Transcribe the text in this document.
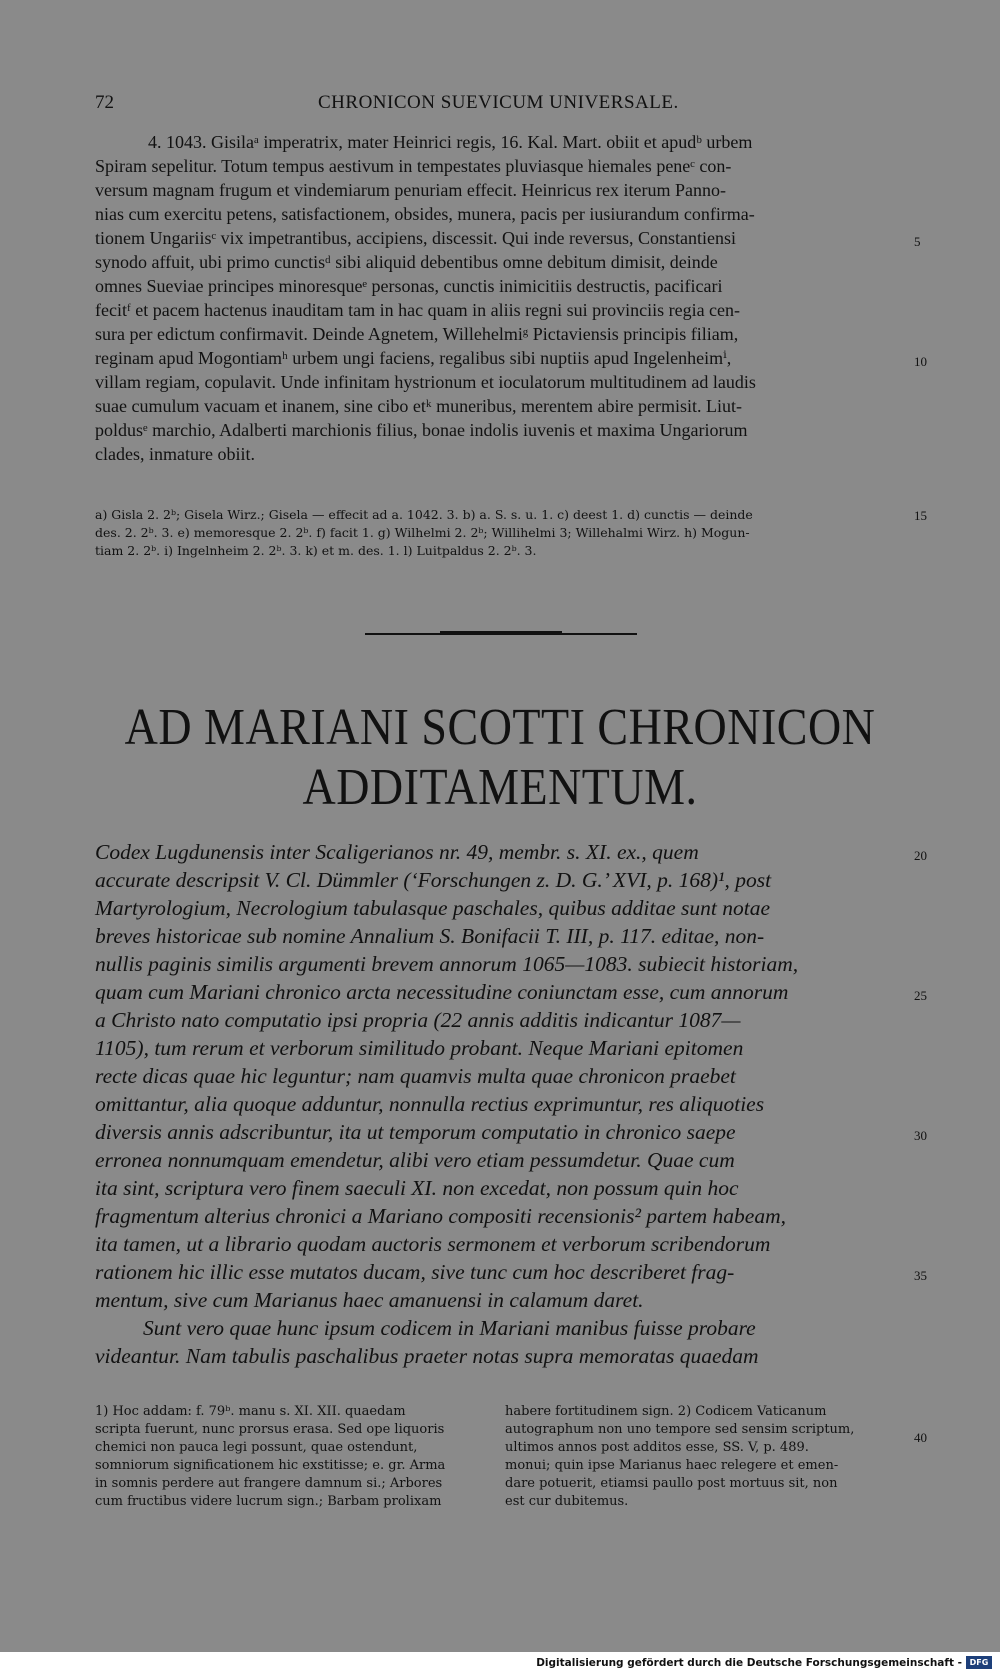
72	CHRONICON SUEVICUM UNIVERSALE.
4. 1043. Gisilaᵃ imperatrix, mater Heinrici regis, 16. Kal. Mart. obiit et apudᵇ urbem
Spiram sepelitur. Totum tempus aestivum in tempestates pluviasque hiemales peneᶜ con-
versum magnam frugum et vindemiarum penuriam effecit. Heinricus rex iterum Panno-
nias cum exercitu petens, satisfactionem, obsides, munera, pacis per iusiurandum confirma-
tionem Ungariisᶜ vix impetrantibus, accipiens, discessit. Qui inde reversus, Constantiensi
synodo affuit, ubi primo cunctisᵈ sibi aliquid debentibus omne debitum dimisit, deinde
omnes Sueviae principes minoresqueᵉ personas, cunctis inimicitiis destructis, pacificari
fecitᶠ et pacem hactenus inauditam tam in hac quam in aliis regni sui provinciis regia cen-
sura per edictum confirmavit. Deinde Agnetem, Willehelmiᵍ Pictaviensis principis filiam,
reginam apud Mogontiamʰ urbem ungi faciens, regalibus sibi nuptiis apud Ingelenheimⁱ,
villam regiam, copulavit. Unde infinitam hystrionum et ioculatorum multitudinem ad laudis
suae cumulum vacuam et inanem, sine cibo etᵏ muneribus, merentem abire permisit. Liut-
poldusᵉ marchio, Adalberti marchionis filius, bonae indolis iuvenis et maxima Ungariorum
clades, inmature obiit.
5
10
a) Gisla 2. 2ᵇ; Gisela Wirz.; Gisela — effecit ad a. 1042. 3. b) a. S. s. u. 1. c) deest 1. d) cunctis — deinde
des. 2. 2ᵇ. 3. e) memoresque 2. 2ᵇ. f) facit 1. g) Wilhelmi 2. 2ᵇ; Willihelmi 3; Willehalmi Wirz. h) Mogun-
tiam 2. 2ᵇ. i) Ingelnheim 2. 2ᵇ. 3. k) et m. des. 1. l) Luitpaldus 2. 2ᵇ. 3.
15
AD MARIANI SCOTTI CHRONICON
ADDITAMENTUM.
Codex Lugdunensis inter Scaligerianos nr. 49, membr. s. XI. ex., quem
accurate descripsit V. Cl. Dümmler (‘Forschungen z. D. G.’ XVI, p. 168)¹, post
Martyrologium, Necrologium tabulasque paschales, quibus additae sunt notae
breves historicae sub nomine Annalium S. Bonifacii T. III, p. 117. editae, non-
nullis paginis similis argumenti brevem annorum 1065—1083. subiecit historiam,
quam cum Mariani chronico arcta necessitudine coniunctam esse, cum annorum
a Christo nato computatio ipsi propria (22 annis additis indicantur 1087—
1105), tum rerum et verborum similitudo probant. Neque Mariani epitomen
recte dicas quae hic leguntur; nam quamvis multa quae chronicon praebet
omittantur, alia quoque adduntur, nonnulla rectius exprimuntur, res aliquoties
diversis annis adscribuntur, ita ut temporum computatio in chronico saepe
erronea nonnumquam emendetur, alibi vero etiam pessumdetur. Quae cum
ita sint, scriptura vero finem saeculi XI. non excedat, non possum quin hoc
fragmentum alterius chronici a Mariano compositi recensionis² partem habeam,
ita tamen, ut a librario quodam auctoris sermonem et verborum scribendorum
rationem hic illic esse mutatos ducam, sive tunc cum hoc describeret frag-
mentum, sive cum Marianus haec amanuensi in calamum daret.
Sunt vero quae hunc ipsum codicem in Mariani manibus fuisse probare
videantur. Nam tabulis paschalibus praeter notas supra memoratas quaedam
20
25
30
35
1) Hoc addam: f. 79ᵇ. manu s. XI. XII. quaedam
scripta fuerunt, nunc prorsus erasa. Sed ope liquoris
chemici non pauca legi possunt, quae ostendunt,
somniorum significationem hic exstitisse; e. gr. Arma
in somnis perdere aut frangere damnum si.; Arbores
cum fructibus videre lucrum sign.; Barbam prolixam
habere fortitudinem sign. 2) Codicem Vaticanum
autographum non uno tempore sed sensim scriptum,
ultimos annos post additos esse, SS. V, p. 489.
monui; quin ipse Marianus haec relegere et emen-
dare potuerit, etiamsi paullo post mortuus sit, non
est cur dubitemus.
40
Digitalisierung gefördert durch die Deutsche Forschungsgemeinschaft - DFG
